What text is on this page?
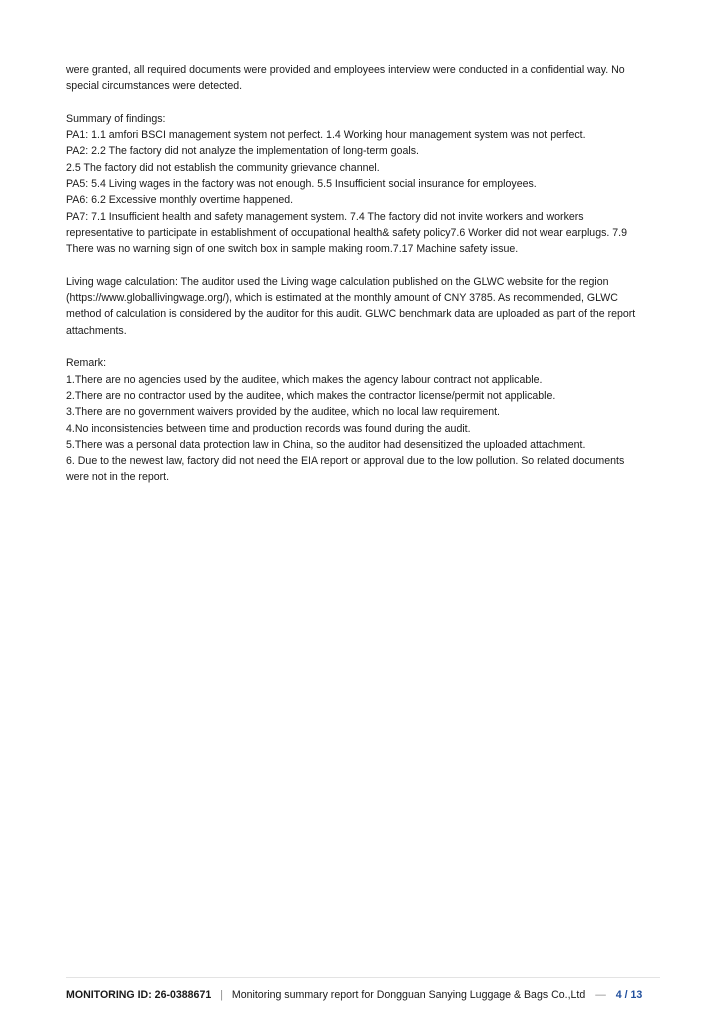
were granted, all required documents were provided and employees interview were conducted in a confidential way. No
special circumstances were detected.
Summary of findings:
PA1: 1.1 amfori BSCI management system not perfect. 1.4 Working hour management system was not perfect.
PA2: 2.2 The factory did not analyze the implementation of long-term goals.
2.5 The factory did not establish the community grievance channel.
PA5: 5.4 Living wages in the factory was not enough. 5.5 Insufficient social insurance for employees.
PA6: 6.2 Excessive monthly overtime happened.
PA7: 7.1 Insufficient health and safety management system. 7.4 The factory did not invite workers and workers
representative to participate in establishment of occupational health& safety policy7.6 Worker did not wear earplugs. 7.9
There was no warning sign of one switch box in sample making room.7.17 Machine safety issue.
Living wage calculation: The auditor used the Living wage calculation published on the GLWC website for the region
(https://www.globallivingwage.org/), which is estimated at the monthly amount of CNY 3785. As recommended, GLWC
method of calculation is considered by the auditor for this audit. GLWC benchmark data are uploaded as part of the report
attachments.
Remark:
1.There are no agencies used by the auditee, which makes the agency labour contract not applicable.
2.There are no contractor used by the auditee, which makes the contractor license/permit not applicable.
3.There are no government waivers provided by the auditee, which no local law requirement.
4.No inconsistencies between time and production records was found during the audit.
5.There was a personal data protection law in China, so the auditor had desensitized the uploaded attachment.
6. Due to the newest law, factory did not need the EIA report or approval due to the low pollution. So related documents
were not in the report.
MONITORING ID: 26-0388671 | Monitoring summary report for Dongguan Sanying Luggage & Bags Co.,Ltd — 4 / 13
